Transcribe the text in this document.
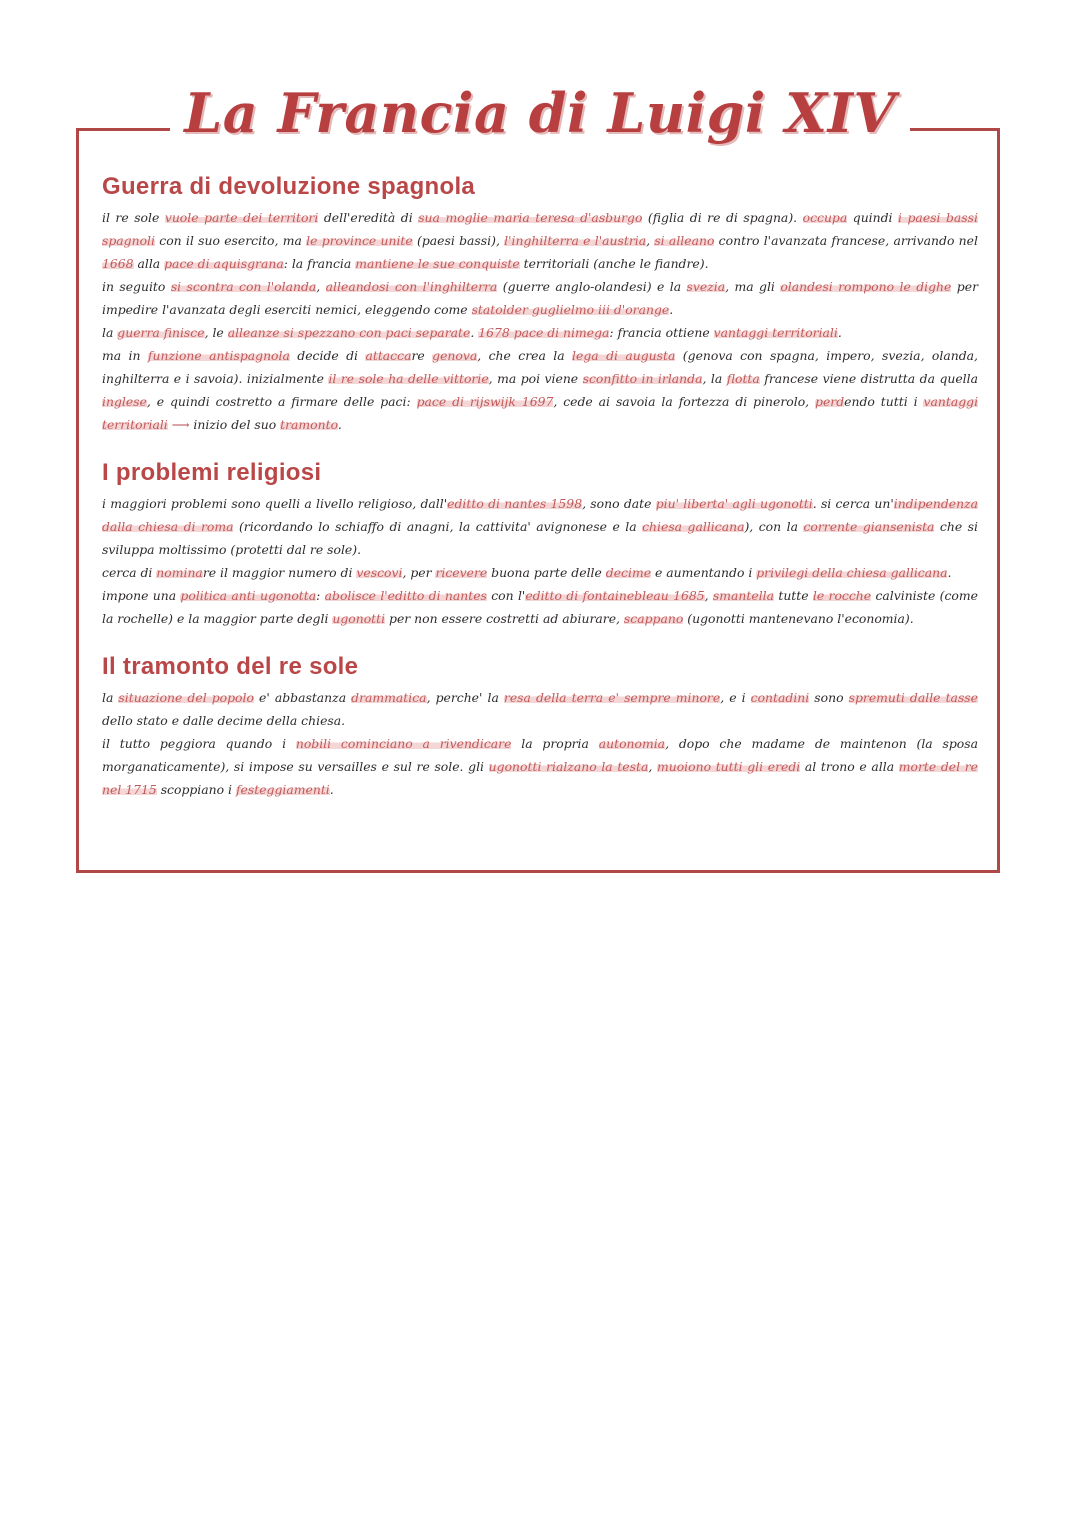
La Francia di Luigi XIV
Guerra di devoluzione spagnola

il re sole vuole parte dei territori dell'eredità di sua moglie maria teresa d'asburgo (figlia di re di spagna). occupa quindi i paesi bassi spagnoli con il suo esercito, ma le province unite (paesi bassi), l'inghilterra e l'austria, si alleano contro l'avanzata francese, arrivando nel 1668 alla pace di aquisgrana: la francia mantiene le sue conquiste territoriali (anche le fiandre).

in seguito si scontra con l'olanda, alleandosi con l'inghilterra (guerre anglo-olandesi) e la svezia, ma gli olandesi rompono le dighe per impedire l'avanzata degli eserciti nemici, eleggendo come statolder guglielmo iii d'orange.

la guerra finisce, le alleanze si spezzano con paci separate. 1678 pace di nimega: francia ottiene vantaggi territoriali.

ma in funzione antispagnola decide di attaccare genova, che crea la lega di augusta (genova con spagna, impero, svezia, olanda, inghilterra e i savoia). inizialmente il re sole ha delle vittorie, ma poi viene sconfitto in irlanda, la flotta francese viene distrutta da quella inglese, e quindi costretto a firmare delle paci: pace di rijswijk 1697, cede ai savoia la fortezza di pinerolo, perdendo tutti i vantaggi territoriali ⟶ inizio del suo tramonto.

I problemi religiosi

i maggiori problemi sono quelli a livello religioso, dall'editto di nantes 1598, sono date piu' liberta' agli ugonotti. si cerca un'indipendenza dalla chiesa di roma (ricordando lo schiaffo di anagni, la cattivita' avignonese e la chiesa gallicana), con la corrente giansenista che si sviluppa moltissimo (protetti dal re sole).

cerca di nominare il maggior numero di vescovi, per ricevere buona parte delle decime e aumentando i privilegi della chiesa gallicana.

impone una politica anti ugonotta: abolisce l'editto di nantes con l'editto di fontainebleau 1685, smantella tutte le rocche calviniste (come la rochelle) e la maggior parte degli ugonotti per non essere costretti ad abiurare, scappano (ugonotti mantenevano l'economia).

Il tramonto del re sole

la situazione del popolo e' abbastanza drammatica, perche' la resa della terra e' sempre minore, e i contadini sono spremuti dalle tasse dello stato e dalle decime della chiesa.

il tutto peggiora quando i nobili cominciano a rivendicare la propria autonomia, dopo che madame de maintenon (la sposa morganaticamente), si impose su versailles e sul re sole. gli ugonotti rialzano la testa, muoiono tutti gli eredi al trono e alla morte del re nel 1715 scoppiano i festeggiamenti.
